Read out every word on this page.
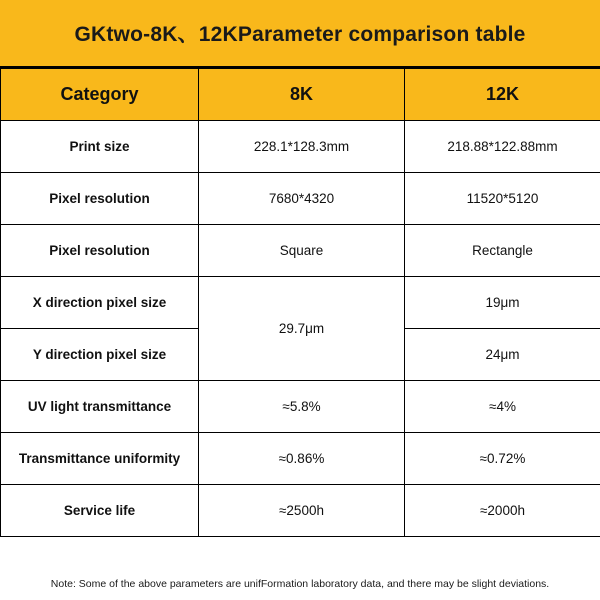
GKtwo-8K、12KParameter comparison table
Category	8K	12K
Print size	228.1*128.3mm	218.88*122.88mm
Pixel resolution	7680*4320	11520*5120
Pixel resolution	Square	Rectangle
X direction pixel size	29.7μm	19μm
Y direction pixel size		24μm
UV light transmittance	≈5.8%	≈4%
Transmittance uniformity	≈0.86%	≈0.72%
Service life	≈2500h	≈2000h
Note: Some of the above parameters are unifFormation laboratory data, and there may be slight deviations.
